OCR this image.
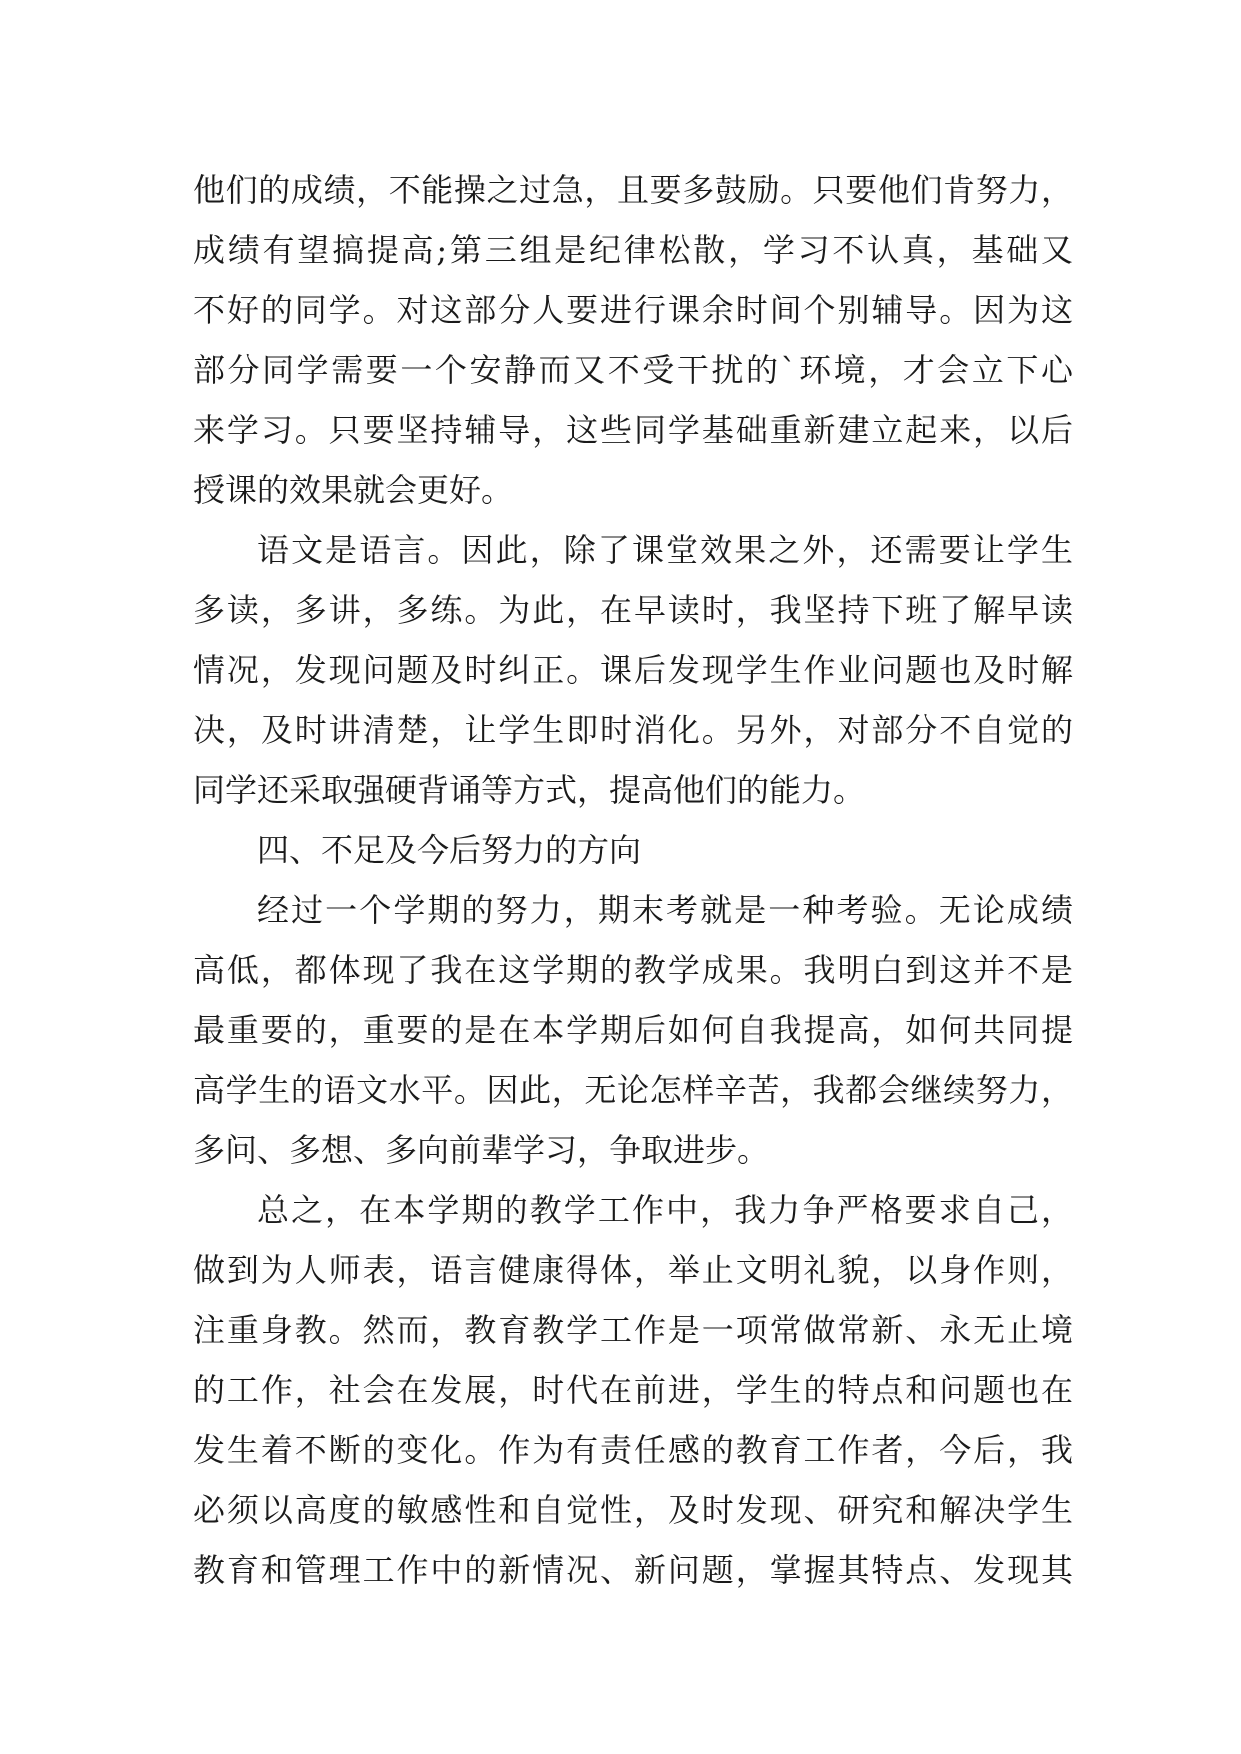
他们的成绩，不能操之过急，且要多鼓励。只要他们肯努力，
成绩有望搞提高;第三组是纪律松散，学习不认真，基础又
不好的同学。对这部分人要进行课余时间个别辅导。因为这
部分同学需要一个安静而又不受干扰的`环境，才会立下心
来学习。只要坚持辅导，这些同学基础重新建立起来，以后
授课的效果就会更好。
语文是语言。因此，除了课堂效果之外，还需要让学生
多读，多讲，多练。为此，在早读时，我坚持下班了解早读
情况，发现问题及时纠正。课后发现学生作业问题也及时解
决，及时讲清楚，让学生即时消化。另外，对部分不自觉的
同学还采取强硬背诵等方式，提高他们的能力。
四、不足及今后努力的方向
经过一个学期的努力，期末考就是一种考验。无论成绩
高低，都体现了我在这学期的教学成果。我明白到这并不是
最重要的，重要的是在本学期后如何自我提高，如何共同提
高学生的语文水平。因此，无论怎样辛苦，我都会继续努力，
多问、多想、多向前辈学习，争取进步。
总之，在本学期的教学工作中，我力争严格要求自己，
做到为人师表，语言健康得体，举止文明礼貌，以身作则，
注重身教。然而，教育教学工作是一项常做常新、永无止境
的工作，社会在发展，时代在前进，学生的特点和问题也在
发生着不断的变化。作为有责任感的教育工作者，今后，我
必须以高度的敏感性和自觉性，及时发现、研究和解决学生
教育和管理工作中的新情况、新问题，掌握其特点、发现其
